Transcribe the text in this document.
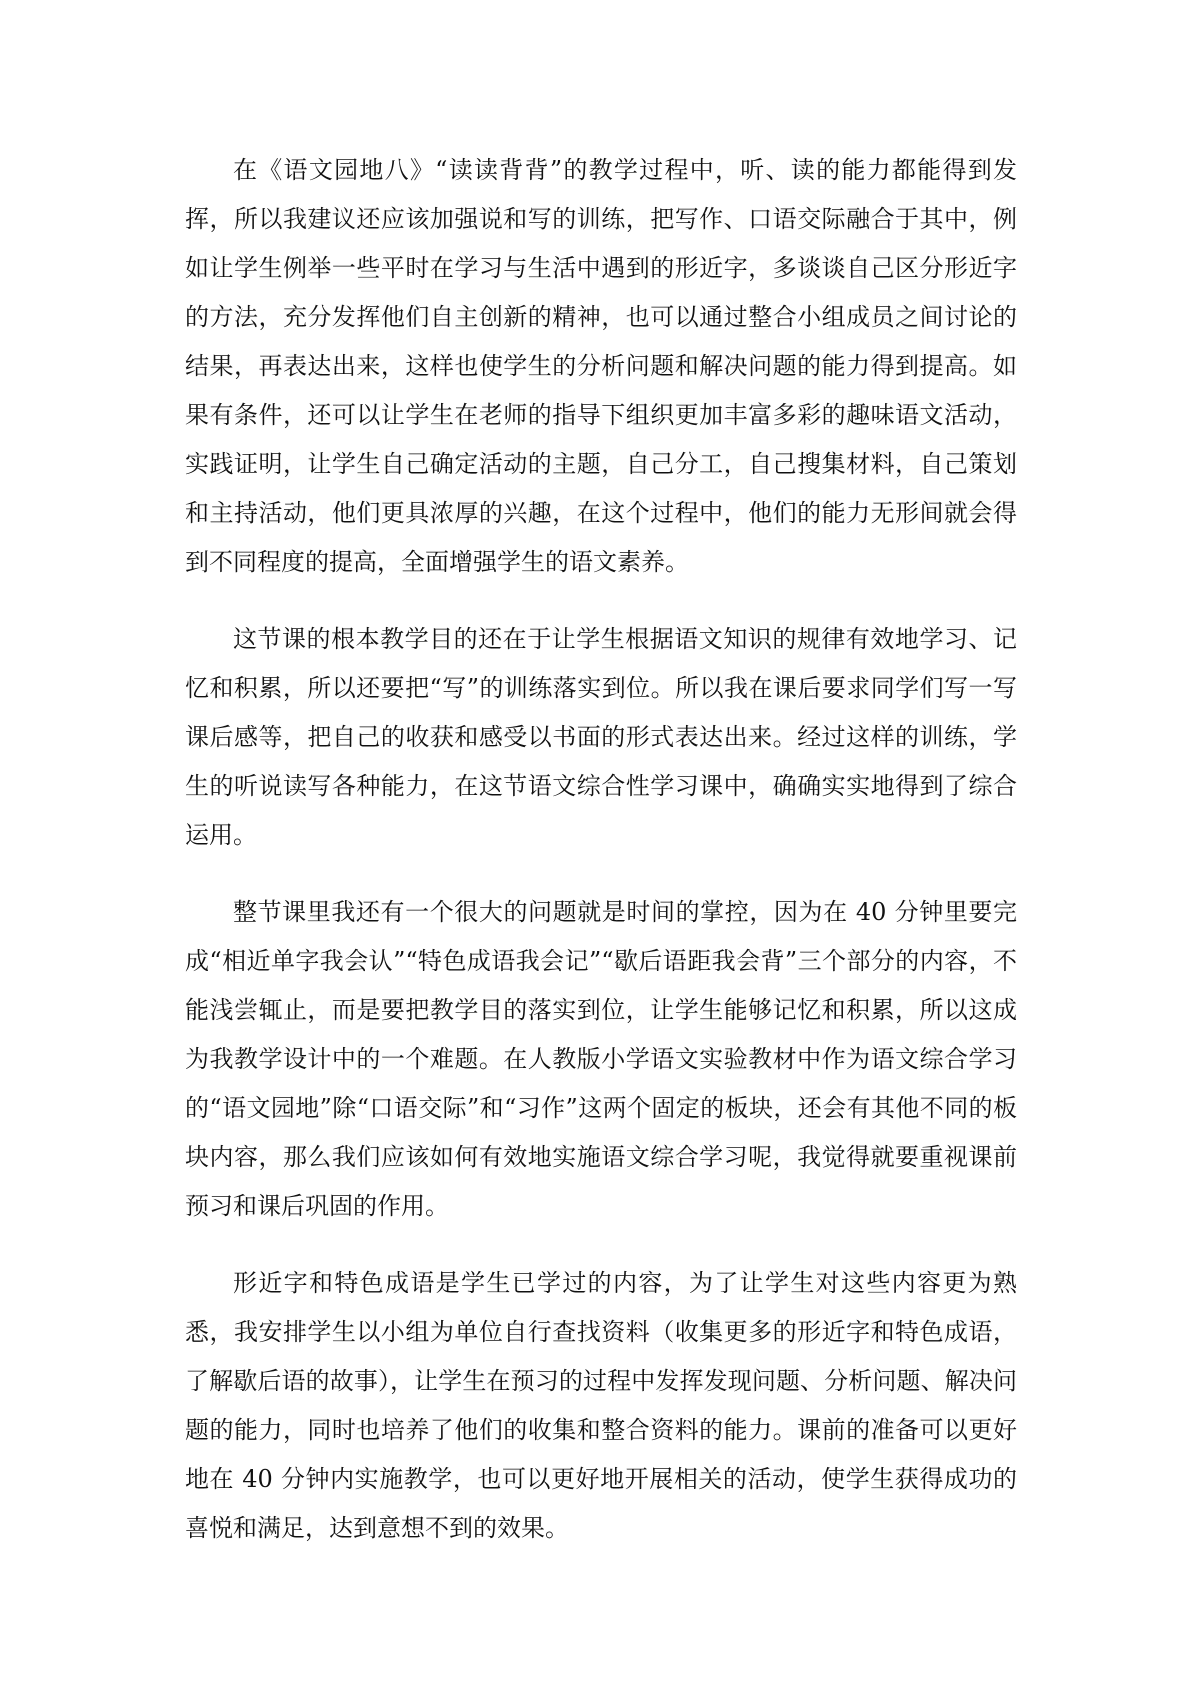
在《语文园地八》“读读背背”的教学过程中，听、读的能力都能得到发挥，所以我建议还应该加强说和写的训练，把写作、口语交际融合于其中，例如让学生例举一些平时在学习与生活中遇到的形近字，多谈谈自己区分形近字的方法，充分发挥他们自主创新的精神，也可以通过整合小组成员之间讨论的结果，再表达出来，这样也使学生的分析问题和解决问题的能力得到提高。如果有条件，还可以让学生在老师的指导下组织更加丰富多彩的趣味语文活动，实践证明，让学生自己确定活动的主题，自己分工，自己搜集材料，自己策划和主持活动，他们更具浓厚的兴趣，在这个过程中，他们的能力无形间就会得到不同程度的提高，全面增强学生的语文素养。

这节课的根本教学目的还在于让学生根据语文知识的规律有效地学习、记忆和积累，所以还要把“写”的训练落实到位。所以我在课后要求同学们写一写课后感等，把自己的收获和感受以书面的形式表达出来。经过这样的训练，学生的听说读写各种能力，在这节语文综合性学习课中，确确实实地得到了综合运用。

整节课里我还有一个很大的问题就是时间的掌控，因为在 40 分钟里要完成“相近单字我会认”“特色成语我会记”“歇后语距我会背”三个部分的内容，不能浅尝辄止，而是要把教学目的落实到位，让学生能够记忆和积累，所以这成为我教学设计中的一个难题。在人教版小学语文实验教材中作为语文综合学习的“语文园地”除“口语交际”和“习作”这两个固定的板块，还会有其他不同的板块内容，那么我们应该如何有效地实施语文综合学习呢，我觉得就要重视课前预习和课后巩固的作用。

形近字和特色成语是学生已学过的内容，为了让学生对这些内容更为熟悉，我安排学生以小组为单位自行查找资料（收集更多的形近字和特色成语，了解歇后语的故事），让学生在预习的过程中发挥发现问题、分析问题、解决问题的能力，同时也培养了他们的收集和整合资料的能力。课前的准备可以更好地在 40 分钟内实施教学，也可以更好地开展相关的活动，使学生获得成功的喜悦和满足，达到意想不到的效果。
